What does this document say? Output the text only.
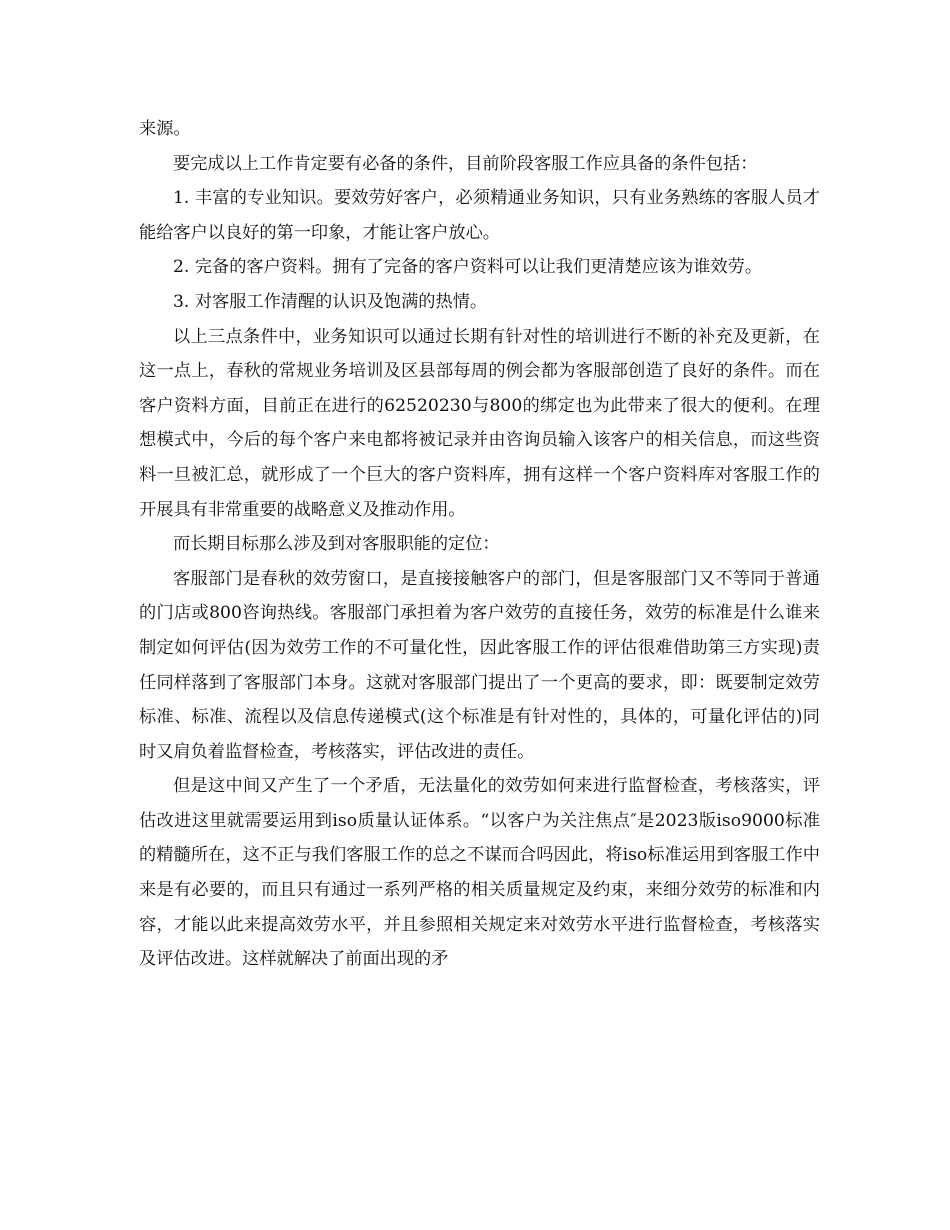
来源。

要完成以上工作肯定要有必备的条件，目前阶段客服工作应具备的条件包括：

1. 丰富的专业知识。要效劳好客户，必须精通业务知识，只有业务熟练的客服人员才能给客户以良好的第一印象，才能让客户放心。

2. 完备的客户资料。拥有了完备的客户资料可以让我们更清楚应该为谁效劳。

3. 对客服工作清醒的认识及饱满的热情。

以上三点条件中，业务知识可以通过长期有针对性的培训进行不断的补充及更新，在这一点上，春秋的常规业务培训及区县部每周的例会都为客服部创造了良好的条件。而在客户资料方面，目前正在进行的62520230与800的绑定也为此带来了很大的便利。在理想模式中，今后的每个客户来电都将被记录并由咨询员输入该客户的相关信息，而这些资料一旦被汇总，就形成了一个巨大的客户资料库，拥有这样一个客户资料库对客服工作的开展具有非常重要的战略意义及推动作用。

而长期目标那么涉及到对客服职能的定位：

客服部门是春秋的效劳窗口，是直接接触客户的部门，但是客服部门又不等同于普通的门店或800咨询热线。客服部门承担着为客户效劳的直接任务，效劳的标准是什么谁来制定如何评估(因为效劳工作的不可量化性，因此客服工作的评估很难借助第三方实现)责任同样落到了客服部门本身。这就对客服部门提出了一个更高的要求，即：既要制定效劳标准、标准、流程以及信息传递模式(这个标准是有针对性的，具体的，可量化评估的)同时又肩负着监督检查，考核落实，评估改进的责任。

但是这中间又产生了一个矛盾，无法量化的效劳如何来进行监督检查，考核落实，评估改进这里就需要运用到iso质量认证体系。“以客户为关注焦点″是2023版iso9000标准的精髓所在，这不正与我们客服工作的总之不谋而合吗因此，将iso标准运用到客服工作中来是有必要的，而且只有通过一系列严格的相关质量规定及约束，来细分效劳的标准和内容，才能以此来提高效劳水平，并且参照相关规定来对效劳水平进行监督检查，考核落实及评估改进。这样就解决了前面出现的矛
